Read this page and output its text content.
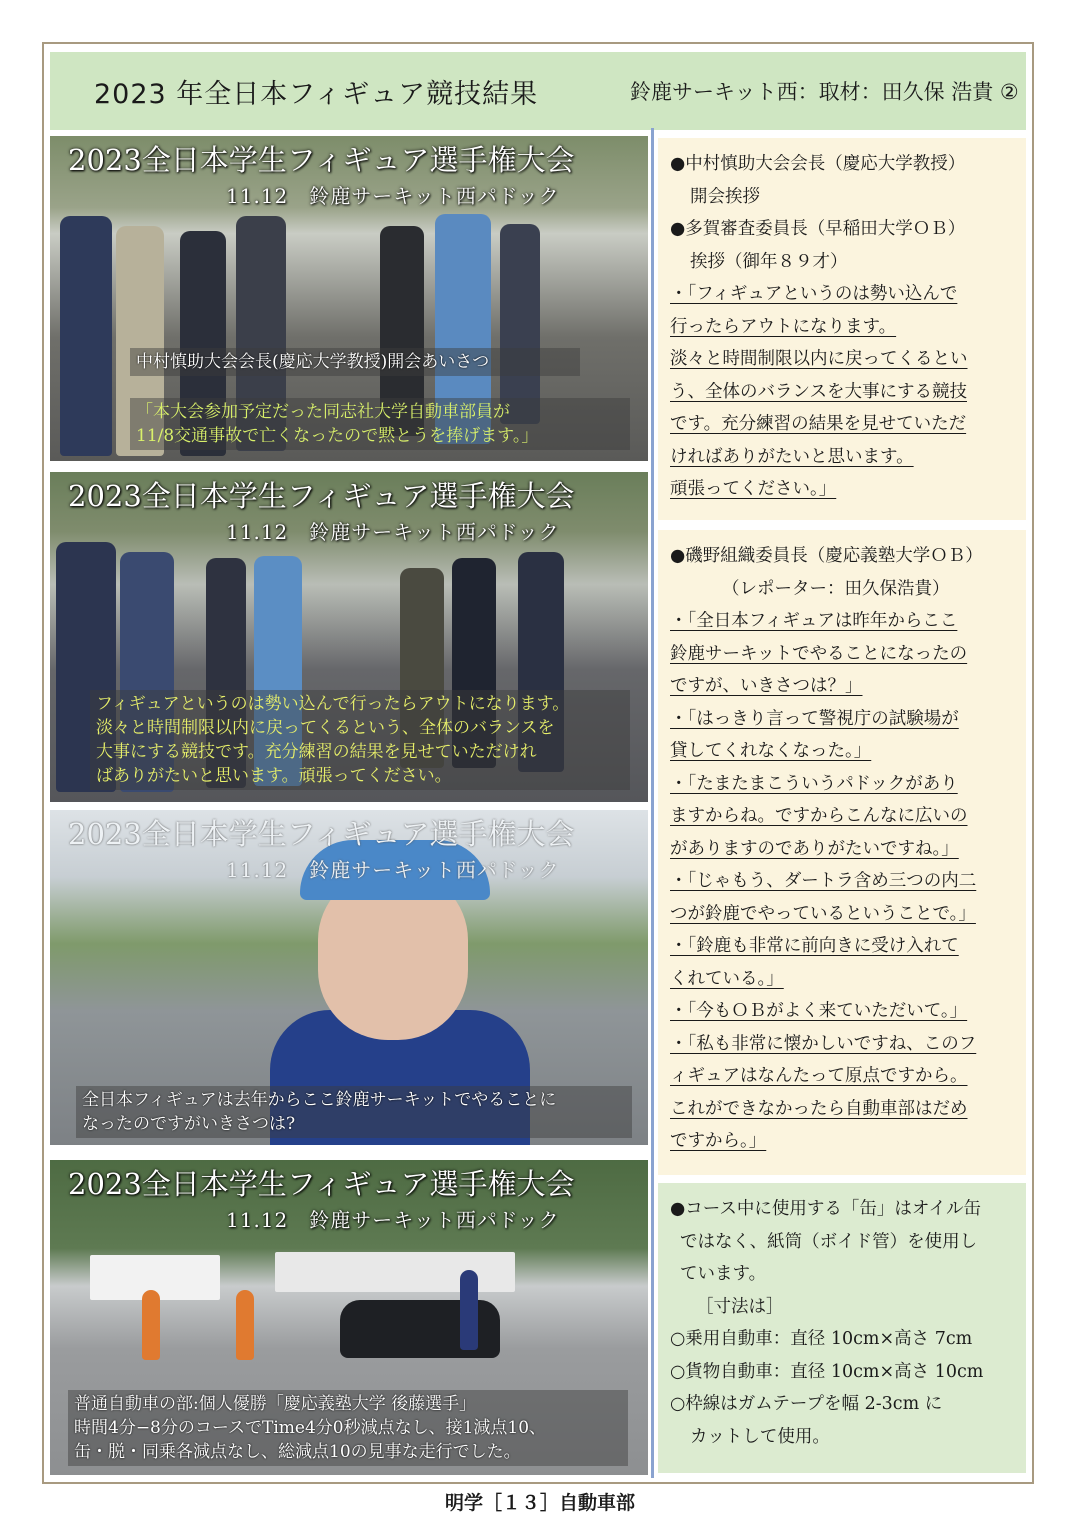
2023 年全日本フィギュア競技結果	鈴鹿サーキット西：取材：田久保 浩貴 ②
2023全日本学生フィギュア選手権大会
11.12　鈴鹿サーキット西パドック
中村慎助大会会長(慶応大学教授)開会あいさつ
「本大会参加予定だった同志社大学自動車部員が
11/8交通事故で亡くなったので黙とうを捧げます。」
2023全日本学生フィギュア選手権大会
11.12　鈴鹿サーキット西パドック
フィギュアというのは勢い込んで行ったらアウトになります。
淡々と時間制限以内に戻ってくるという、全体のバランスを
大事にする競技です。充分練習の結果を見せていただけれ
ばありがたいと思います。頑張ってください。
2023全日本学生フィギュア選手権大会
11.12　鈴鹿サーキット西パドック
全日本フィギュアは去年からここ鈴鹿サーキットでやることに
なったのですがいきさつは?
2023全日本学生フィギュア選手権大会
11.12　鈴鹿サーキット西パドック
普通自動車の部:個人優勝「慶応義塾大学 後藤選手」
時間4分−8分のコースでTime4分0秒減点なし、接1減点10、
缶・脱・同乗各減点なし、総減点10の見事な走行でした。
●中村慎助大会会長（慶応大学教授）
開会挨拶
●多賀審査委員長（早稲田大学ＯＢ）
挨拶（御年８９才）
・「フィギュアというのは勢い込んで
行ったらアウトになります。
淡々と時間制限以内に戻ってくるとい
う、全体のバランスを大事にする競技
です。充分練習の結果を見せていただ
ければありがたいと思います。
頑張ってください。」
●磯野組織委員長（慶応義塾大学ＯＢ）
（レポーター：田久保浩貴）
・「全日本フィギュアは昨年からここ
鈴鹿サーキットでやることになったの
ですが、いきさつは？」
・「はっきり言って警視庁の試験場が
貸してくれなくなった。」
・「たまたまこういうパドックがあり
ますからね。ですからこんなに広いの
がありますのでありがたいですね。」
・「じゃもう、ダートラ含め三つの内二
つが鈴鹿でやっているということで。」
・「鈴鹿も非常に前向きに受け入れて
くれている。」
・「今もＯＢがよく来ていただいて。」
・「私も非常に懐かしいですね、このフ
ィギュアはなんたって原点ですから。
これができなかったら自動車部はだめ
ですから。」
●コース中に使用する「缶」はオイル缶
ではなく、紙筒（ボイド管）を使用し
ています。
［寸法は］
○乗用自動車：直径 10cm×高さ 7cm
○貨物自動車：直径 10cm×高さ 10cm
○枠線はガムテープを幅 2-3cm に
カットして使用。
明学［１３］自動車部
